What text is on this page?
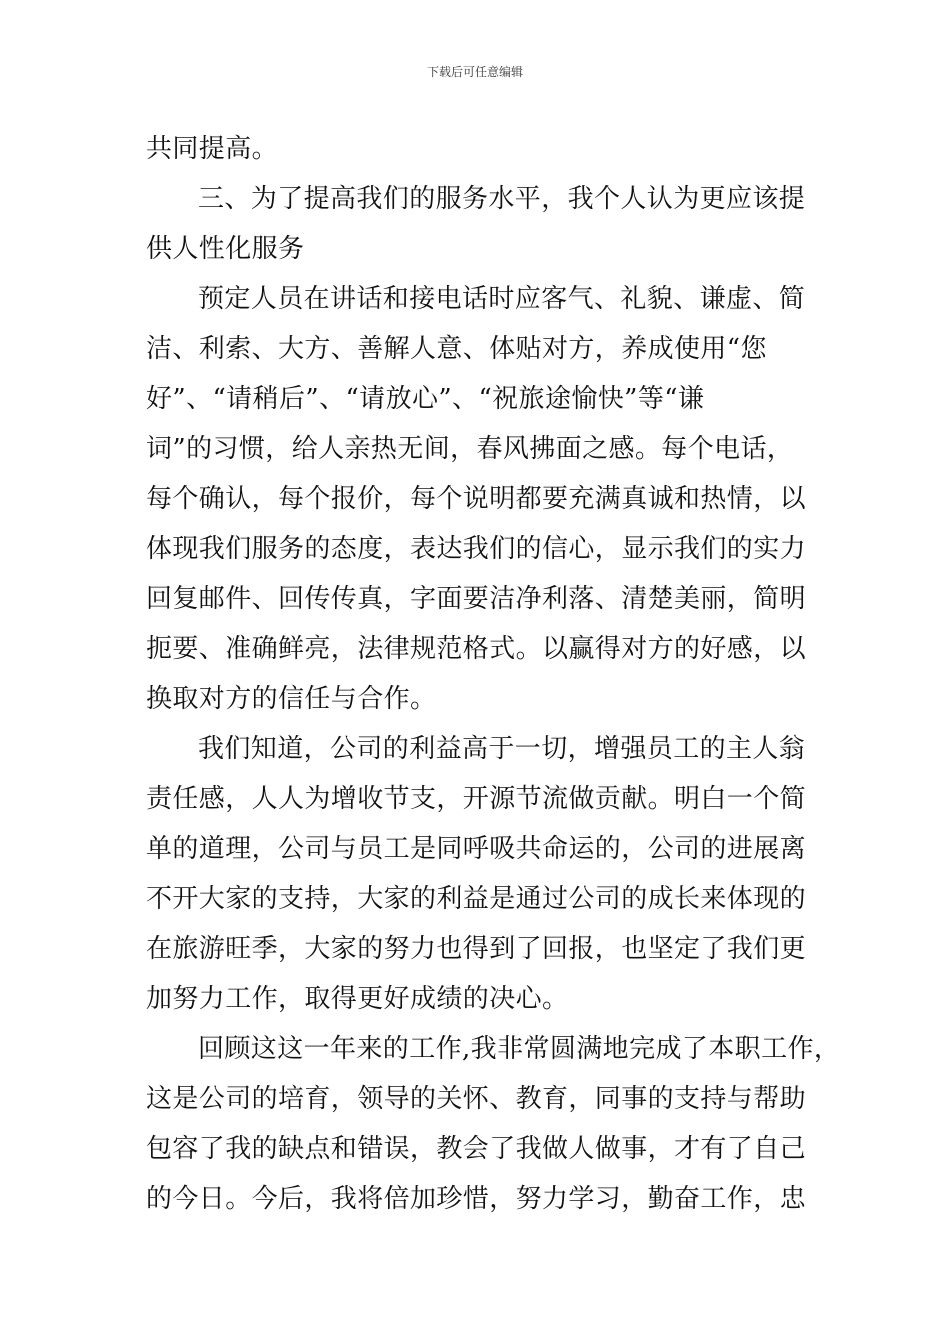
下载后可任意编辑
共同提高。
三、为了提高我们的服务水平，我个人认为更应该提
供人性化服务
预定人员在讲话和接电话时应客气、礼貌、谦虚、简
洁、利索、大方、善解人意、体贴对方，养成使用“您
好”、“请稍后”、“请放心”、“祝旅途愉快”等“谦
词”的习惯，给人亲热无间，春风拂面之感。每个电话，
每个确认，每个报价，每个说明都要充满真诚和热情，以
体现我们服务的态度，表达我们的信心，显示我们的实力
回复邮件、回传传真，字面要洁净利落、清楚美丽，简明
扼要、准确鲜亮，法律规范格式。以赢得对方的好感，以
换取对方的信任与合作。
我们知道，公司的利益高于一切，增强员工的主人翁
责任感，人人为增收节支，开源节流做贡献。明白一个简
单的道理，公司与员工是同呼吸共命运的，公司的进展离
不开大家的支持，大家的利益是通过公司的成长来体现的
在旅游旺季，大家的努力也得到了回报，也坚定了我们更
加努力工作，取得更好成绩的决心。
回顾这这一年来的工作,我非常圆满地完成了本职工作，
这是公司的培育，领导的关怀、教育，同事的支持与帮助
包容了我的缺点和错误，教会了我做人做事，才有了自己
的今日。今后，我将倍加珍惜，努力学习，勤奋工作，忠
